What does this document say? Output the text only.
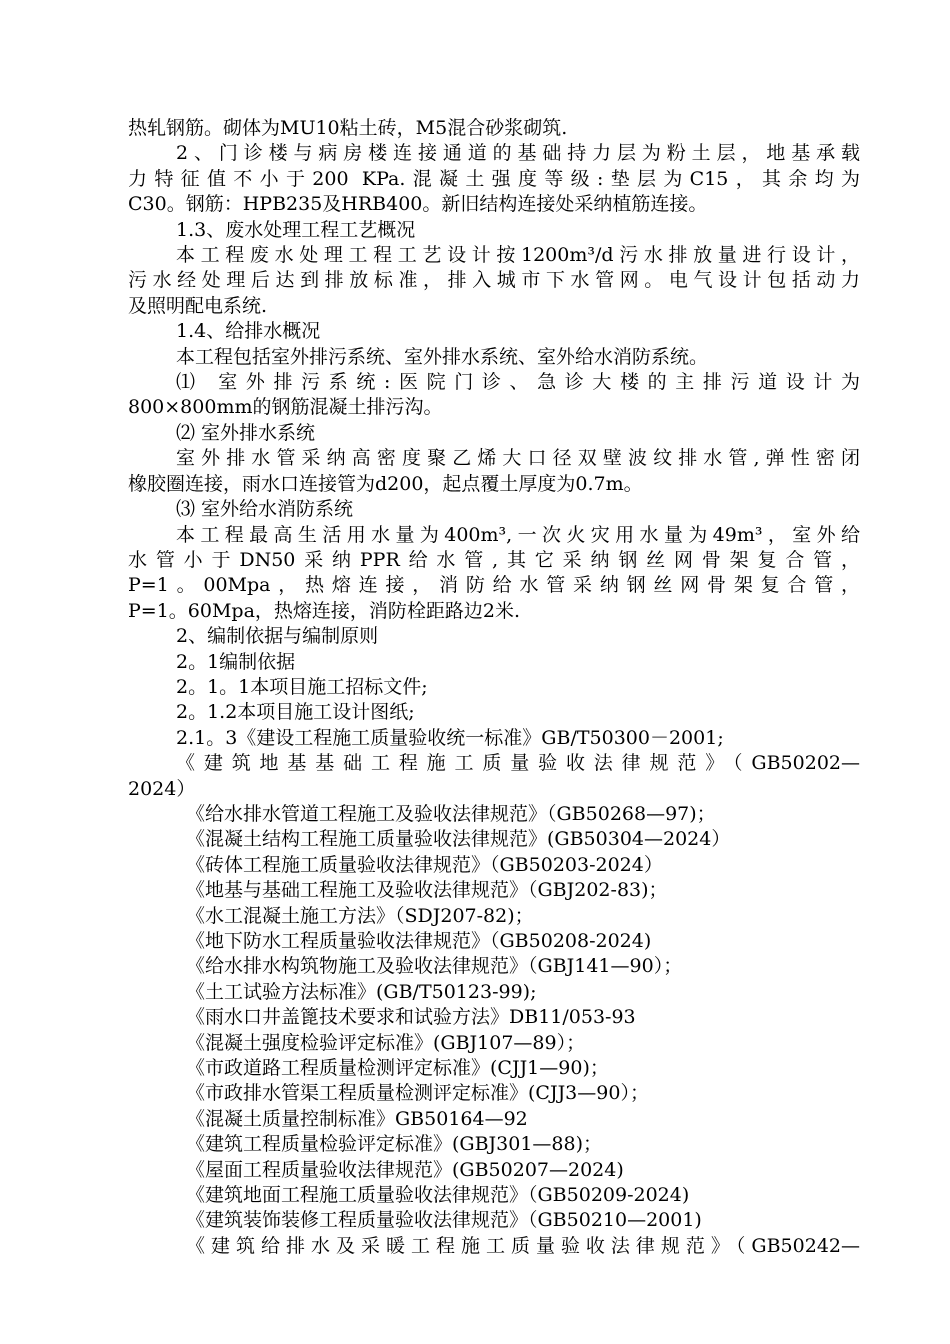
热轧钢筋。砌体为MU10粘土砖，M5混合砂浆砌筑.
2、门诊楼与病房楼连接通道的基础持力层为粉土层，地基承载
力特征值不小于200 KPa.混凝土强度等级:垫层为C15，其余均为
C30。钢筋：HPB235及HRB400。新旧结构连接处采纳植筋连接。
1.3、废水处理工程工艺概况
本工程废水处理工程工艺设计按1200m³/d污水排放量进行设计，
污水经处理后达到排放标准，排入城市下水管网。电气设计包括动力
及照明配电系统.
1.4、给排水概况
本工程包括室外排污系统、室外排水系统、室外给水消防系统。
⑴ 室外排污系统:医院门诊、急诊大楼的主排污道设计为
800×800mm的钢筋混凝土排污沟。
⑵ 室外排水系统
室外排水管采纳高密度聚乙烯大口径双壁波纹排水管,弹性密闭
橡胶圈连接，雨水口连接管为d200，起点覆土厚度为0.7m。
⑶ 室外给水消防系统
本工程最高生活用水量为400m³,一次火灾用水量为49m³，室外给
水管小于DN50采纳PPR给水管,其它采纳钢丝网骨架复合管，
P=1。00Mpa，热熔连接，消防给水管采纳钢丝网骨架复合管，
P=1。60Mpa，热熔连接，消防栓距路边2米.
2、编制依据与编制原则
2。1编制依据
2。1。1本项目施工招标文件;
2。1.2本项目施工设计图纸;
2.1。3《建设工程施工质量验收统一标准》GB/T50300－2001;
《建筑地基基础工程施工质量验收法律规范》（GB50202—
2024）
《给水排水管道工程施工及验收法律规范》（GB50268—97)；
《混凝土结构工程施工质量验收法律规范》(GB50304—2024）
《砖体工程施工质量验收法律规范》（GB50203-2024）
《地基与基础工程施工及验收法律规范》（GBJ202-83)；
《水工混凝土施工方法》（SDJ207-82)；
《地下防水工程质量验收法律规范》（GB50208-2024)
《给水排水构筑物施工及验收法律规范》（GBJ141—90）；
《土工试验方法标准》(GB/T50123-99);
《雨水口井盖篦技术要求和试验方法》DB11/053-93
《混凝土强度检验评定标准》(GBJ107—89）；
《市政道路工程质量检测评定标准》(CJJ1—90)；
《市政排水管渠工程质量检测评定标准》(CJJ3—90）；
《混凝土质量控制标准》GB50164—92
《建筑工程质量检验评定标准》(GBJ301—88)；
《屋面工程质量验收法律规范》(GB50207—2024)
《建筑地面工程施工质量验收法律规范》（GB50209-2024)
《建筑装饰装修工程质量验收法律规范》（GB50210—2001)
《建筑给排水及采暖工程施工质量验收法律规范》（GB50242—
